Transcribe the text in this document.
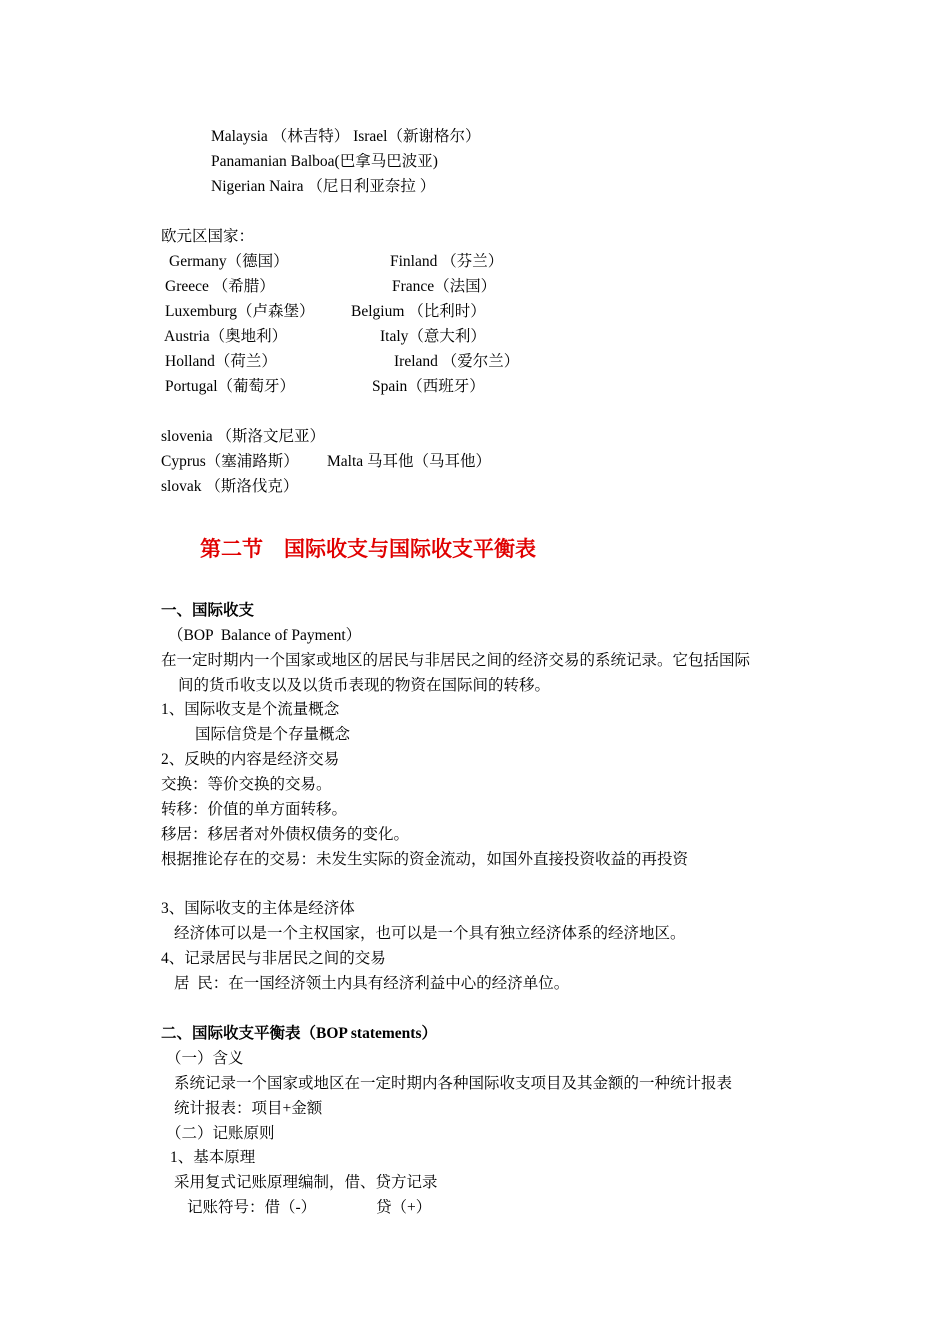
Malaysia （林吉特） Israel（新谢格尔）
Panamanian Balboa(巴拿马巴波亚)
Nigerian Naira （尼日利亚奈拉 ）
欧元区国家：
Germany（德国）	Finland （芬兰）
Greece （希腊）	France（法国）
Luxemburg（卢森堡） Belgium （比利时）
Austria（奥地利）	Italy（意大利）
Holland（荷兰）	Ireland （爱尔兰）
Portugal（葡萄牙）	Spain（西班牙）
slovenia （斯洛文尼亚）
Cyprus（塞浦路斯） Malta 马耳他（马耳他）
slovak （斯洛伐克）
第二节    国际收支与国际收支平衡表
一、国际收支
（BOP  Balance of Payment）
在一定时期内一个国家或地区的居民与非居民之间的经济交易的系统记录。它包括国际
间的货币收支以及以货币表现的物资在国际间的转移。
1、国际收支是个流量概念
国际信贷是个存量概念
2、反映的内容是经济交易
交换：等价交换的交易。
转移：价值的单方面转移。
移居：移居者对外债权债务的变化。
根据推论存在的交易：未发生实际的资金流动，如国外直接投资收益的再投资
3、国际收支的主体是经济体
经济体可以是一个主权国家，也可以是一个具有独立经济体系的经济地区。
4、记录居民与非居民之间的交易
居  民：在一国经济领土内具有经济利益中心的经济单位。
二、国际收支平衡表（BOP statements）
（一）含义
系统记录一个国家或地区在一定时期内各种国际收支项目及其金额的一种统计报表
统计报表：项目+金额
（二）记账原则
1、基本原理
采用复式记账原理编制，借、贷方记录
记账符号：借（-）	贷（+）
